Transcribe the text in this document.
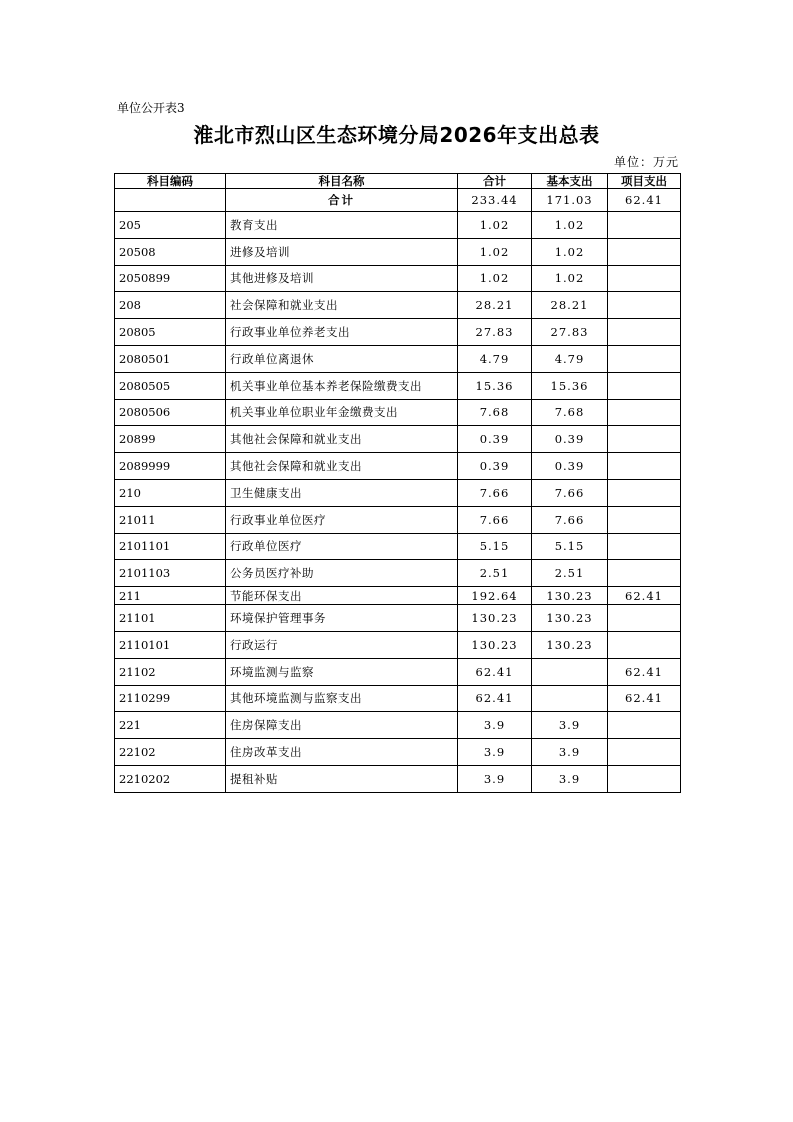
单位公开表3
淮北市烈山区生态环境分局2026年支出总表
单位：万元
科目编码	科目名称	合计	基本支出	项目支出
	合计	233.44	171.03	62.41
205	教育支出	1.02	1.02	
20508	进修及培训	1.02	1.02	
2050899	其他进修及培训	1.02	1.02	
208	社会保障和就业支出	28.21	28.21	
20805	行政事业单位养老支出	27.83	27.83	
2080501	行政单位离退休	4.79	4.79	
2080505	机关事业单位基本养老保险缴费支出	15.36	15.36	
2080506	机关事业单位职业年金缴费支出	7.68	7.68	
20899	其他社会保障和就业支出	0.39	0.39	
2089999	其他社会保障和就业支出	0.39	0.39	
210	卫生健康支出	7.66	7.66	
21011	行政事业单位医疗	7.66	7.66	
2101101	行政单位医疗	5.15	5.15	
2101103	公务员医疗补助	2.51	2.51	
211	节能环保支出	192.64	130.23	62.41
21101	环境保护管理事务	130.23	130.23	
2110101	行政运行	130.23	130.23	
21102	环境监测与监察	62.41		62.41
2110299	其他环境监测与监察支出	62.41		62.41
221	住房保障支出	3.9	3.9	
22102	住房改革支出	3.9	3.9	
2210202	提租补贴	3.9	3.9	
